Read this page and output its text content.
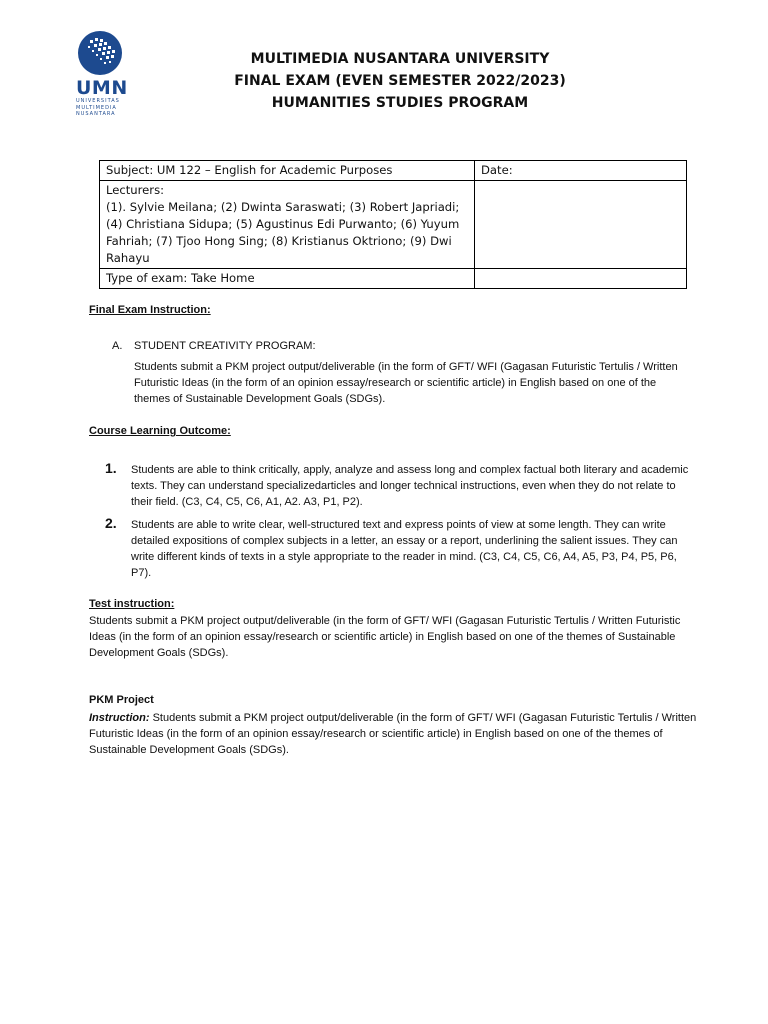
UMN
UNIVERSITAS
MULTIMEDIA
NUSANTARA
MULTIMEDIA NUSANTARA UNIVERSITY
FINAL EXAM (EVEN SEMESTER 2022/2023)
HUMANITIES STUDIES PROGRAM
Subject: UM 122 – English for Academic Purposes	Date:

Lecturers:
(1). Sylvie Meilana; (2) Dwinta Saraswati; (3) Robert Japriadi; (4) Christiana Sidupa; (5) Agustinus Edi Purwanto; (6) Yuyum Fahriah; (7) Tjoo Hong Sing; (8) Kristianus Oktriono; (9) Dwi Rahayu	

Type of exam: Take Home	
Final Exam Instruction:
A. STUDENT CREATIVITY PROGRAM:
Students submit a PKM project output/deliverable (in the form of GFT/ WFI (Gagasan Futuristic Tertulis / Written Futuristic Ideas (in the form of an opinion essay/research or scientific article) in English based on one of the themes of Sustainable Development Goals (SDGs).
Course Learning Outcome:
1. Students are able to think critically, apply, analyze and assess long and complex factual both literary and academic texts. They can understand specializedarticles and longer technical instructions, even when they do not relate to their field. (C3, C4, C5, C6, A1, A2. A3, P1, P2).
2. Students are able to write clear, well-structured text and express points of view at some length. They can write detailed expositions of complex subjects in a letter, an essay or a report, underlining the salient issues. They can write different kinds of texts in a style appropriate to the reader in mind. (C3, C4, C5, C6, A4, A5, P3, P4, P5, P6, P7).
Test instruction:
Students submit a PKM project output/deliverable (in the form of GFT/ WFI (Gagasan Futuristic Tertulis / Written Futuristic Ideas (in the form of an opinion essay/research or scientific article) in English based on one of the themes of Sustainable Development Goals (SDGs).
PKM Project
Instruction: Students submit a PKM project output/deliverable (in the form of GFT/ WFI (Gagasan Futuristic Tertulis / Written Futuristic Ideas (in the form of an opinion essay/research or scientific article) in English based on one of the themes of Sustainable Development Goals (SDGs).
